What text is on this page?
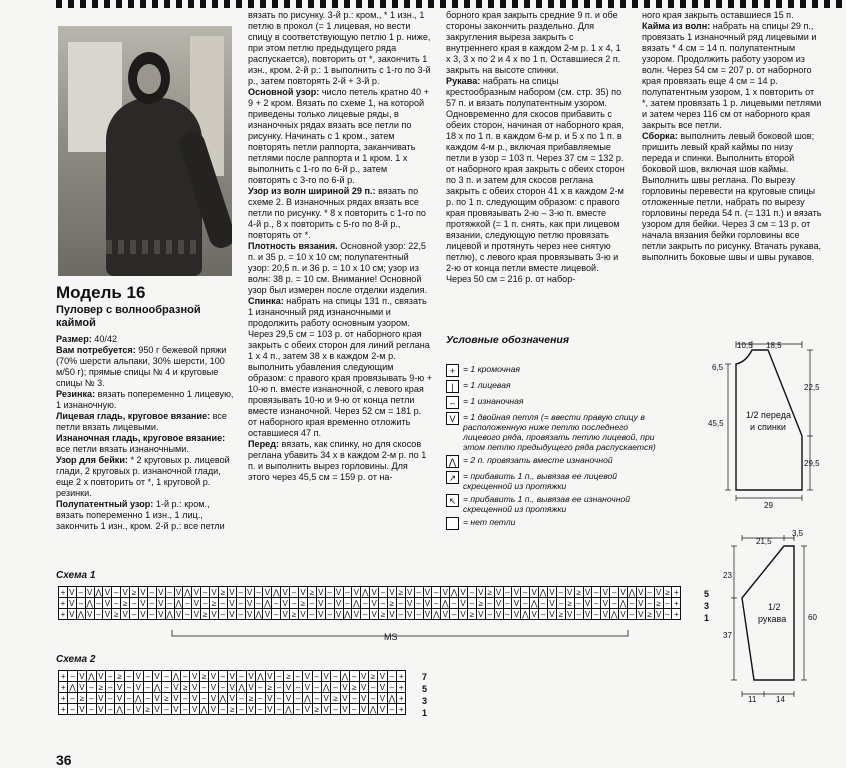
Модель 16

Пуловер с волнообразной каймой

Размер: 40/42

Вам потребуется: 950 г бежевой пряжи (70% шерсти альпаки, 30% шерсти, 100 м/50 г); прямые спицы № 4 и круговые спицы № 3.

Резинка: вязать попеременно 1 лицевую, 1 изнаночную.

Лицевая гладь, круговое вязание: все петли вязать лицевыми.

Изнаночная гладь, круговое вязание: все петли вязать изнаночными.

Узор для бейки: * 2 круговых р. лицевой глади, 2 круговых р. изнаночной глади, еще 2 х повторить от *, 1 круговой р. резинки.

Полупатентный узор: 1-й р.: кром., вязать попеременно 1 изн., 1 лиц., закончить 1 изн., кром. 2-й р.: все петли

вязать по рисунку. 3-й р.: кром., * 1 изн., 1 петлю в прокол (= 1 лицевая, но вести спицу в соответствующую петлю 1 р. ниже, при этом петлю предыдущего ряда распускается), повторить от *, закончить 1 изн., кром. 2-й р.: 1 выполнить с 1-го по 3-й р., затем повторять 2-й + 3-й р.

Основной узор: число петель кратно 40 + 9 + 2 кром. Вязать по схеме 1, на которой приведены только лицевые ряды, в изнаночных рядах вязать все петли по рисунку. Начинать с 1 кром., затем повторять петли раппорта, заканчивать петлями после раппорта и 1 кром. 1 х выполнить с 1-го по 6-й р., затем повторять с 3-го по 6-й р.

Узор из волн шириной 29 п.: вязать по схеме 2. В изнаночных рядах вязать все петли по рисунку. * 8 х повторить с 1-го по 4-й р., 8 х повторить с 5-го по 8-й р., повторять от *.

Плотность вязания. Основной узор: 22,5 п. и 35 р. = 10 х 10 см; полупатентный узор: 20,5 п. и 36 р. = 10 х 10 см; узор из волн: 38 р. = 10 см. Внимание! Основной узор был измерен после отделки изделия.

Спинка: набрать на спицы 131 п., связать 1 изнаночный ряд изнаночными и продолжить работу основным узором. Через 29,5 см = 103 р. от наборного края закрыть с обеих сторон для линий реглана 1 х 4 п., затем 38 х в каждом 2-м р. выполнить убавления следующим образом: с правого края провязывать 9-ю + 10-ю п. вместе изнаночной, с левого края провязывать 10-ю и 9-ю от конца петли вместе изнаночной. Через 52 см = 181 р. от наборного края временно отложить оставшиеся 47 п.

Перед: вязать, как спинку, но для скосов реглана убавить 34 х в каждом 2-м р. по 1 п. и выполнить вырез горловины. Для этого через 45,5 см = 159 р. от на-

борного края закрыть средние 9 п. и обе стороны закончить раздельно. Для закругления выреза закрыть с внутреннего края в каждом 2-м р. 1 х 4, 1 х 3, 3 х по 2 и 4 х по 1 п. Оставшиеся 2 п. закрыть на высоте спинки.

Рукава: набрать на спицы крестообразным набором (см. стр. 35) по 57 п. и вязать полупатентным узором. Одновременно для скосов прибавить с обеих сторон, начиная от наборного края, 18 х по 1 п. в каждом 6-м р. и 5 х по 1 п. в каждом 4-м р., включая прибавляемые петли в узор = 103 п. Через 37 см = 132 р. от наборного края закрыть с обеих сторон по 3 п. и затем для скосов реглана закрыть с обеих сторон 41 х в каждом 2-м р. по 1 п. следующим образом: с правого края провязывать 2-ю – 3-ю п. вместе протяжкой (= 1 п. снять, как при лицевом вязании, следующую петлю провязать лицевой и протянуть через нее снятую петлю), с левого края провязывать 3-ю и 2-ю от конца петли вместе лицевой. Через 50 см = 216 р. от набор-

ного края закрыть оставшиеся 15 п.

Кайма из волн: набрать на спицы 29 п., провязать 1 изнаночный ряд лицевыми и вязать * 4 см = 14 п. полупатентным узором. Продолжить работу узором из волн. Через 54 см = 207 р. от наборного края провязать еще 4 см = 14 р. полупатентным узором, 1 х повторить от *, затем провязать 1 р. лицевыми петлями и затем через 116 см от наборного края закрыть все петли.

Сборка: выполнить левый боковой шов; пришить левый край каймы по низу переда и спинки. Выполнить второй боковой шов, включая шов каймы. Выполнить швы реглана. По вырезу горловины перевести на круговые спицы отложенные петли, набрать по вырезу горловины переда 54 п. (= 131 п.) и вязать узором для бейки. Через 3 см = 13 р. от начала вязания бейки горловины все петли закрыть по рисунку. Втачать рукава, выполнить боковые швы и швы рукавов.

Условные обозначения
+ = 1 кромочная
|	= 1 лицевая
– = 1 изнаночная
V = 1 двойная петля (= ввести правую спицу в расположенную ниже петлю последнего лицевого ряда, провязать петлю лицевой, при этом петлю предыдущего ряда распускается)
⋀ = 2 п. провязать вместе изнаночной
↗ = прибавить 1 п., вывязав ее лицевой скрещенной из протяжки
↖ = прибавить 1 п., вывязав ее изнаночной скрещенной из протяжки
= нет петли
10,5 18,5
6,5
22,5
45,5
29,5
29
1/2 переда
и спинки
21,5
3,5
23
60
37
11 14
1/2
рукава
Схема 1
+ V – V ⋀ V – V ≥ V – V – V ⋀ V – V ≥ V – V – V ⋀ V – V ≥ V – V – V ⋀ V – V ≥ V – V – V ⋀ V – V ≥ V – V – V ⋀ V – V ≥ V – V – V ⋀ V – V ≥ +
+ V – ⋀ – V – ≥ – V – V – ⋀ – V – ≥ – V – V – ⋀ – V – ≥ – V – V – ⋀ – V – ≥ – V – V – ⋀ – V – ≥ – V – V – ⋀ – V – ≥ – V – V – ⋀ – V – ≥ – +
+ V ⋀ V – V ≥ V – V – V ⋀ V – V ≥ V – V – V ⋀ V – V ≥ V – V – V ⋀ V – V ≥ V – V – V ⋀ V – V ≥ V – V – V ⋀ V – V ≥ V – V – V ⋀ V – V ≥ V – +
5
3
1
MS
Схема 2
+ – V ⋀ V – ≥ – V – V – ⋀ – V ≥ V – V – V ⋀ V – ≥ – V – V – ⋀ – V ≥ V – +
+ ⋀ V – ≥ – V – V – ⋀ – V ≥ V – V – V ⋀ V – ≥ – V – V – ⋀ – V ≥ V – V – +
+ – ≥ – V – V – ⋀ – V ≥ V – V – V ⋀ V – ≥ – V – V – ⋀ – V ≥ V – V – V ⋀ +
+ – V – V – ⋀ – V ≥ V – V – V ⋀ V – ≥ – V – V – ⋀ – V ≥ V – V – V ⋀ V – +
7
5
3
1
36
